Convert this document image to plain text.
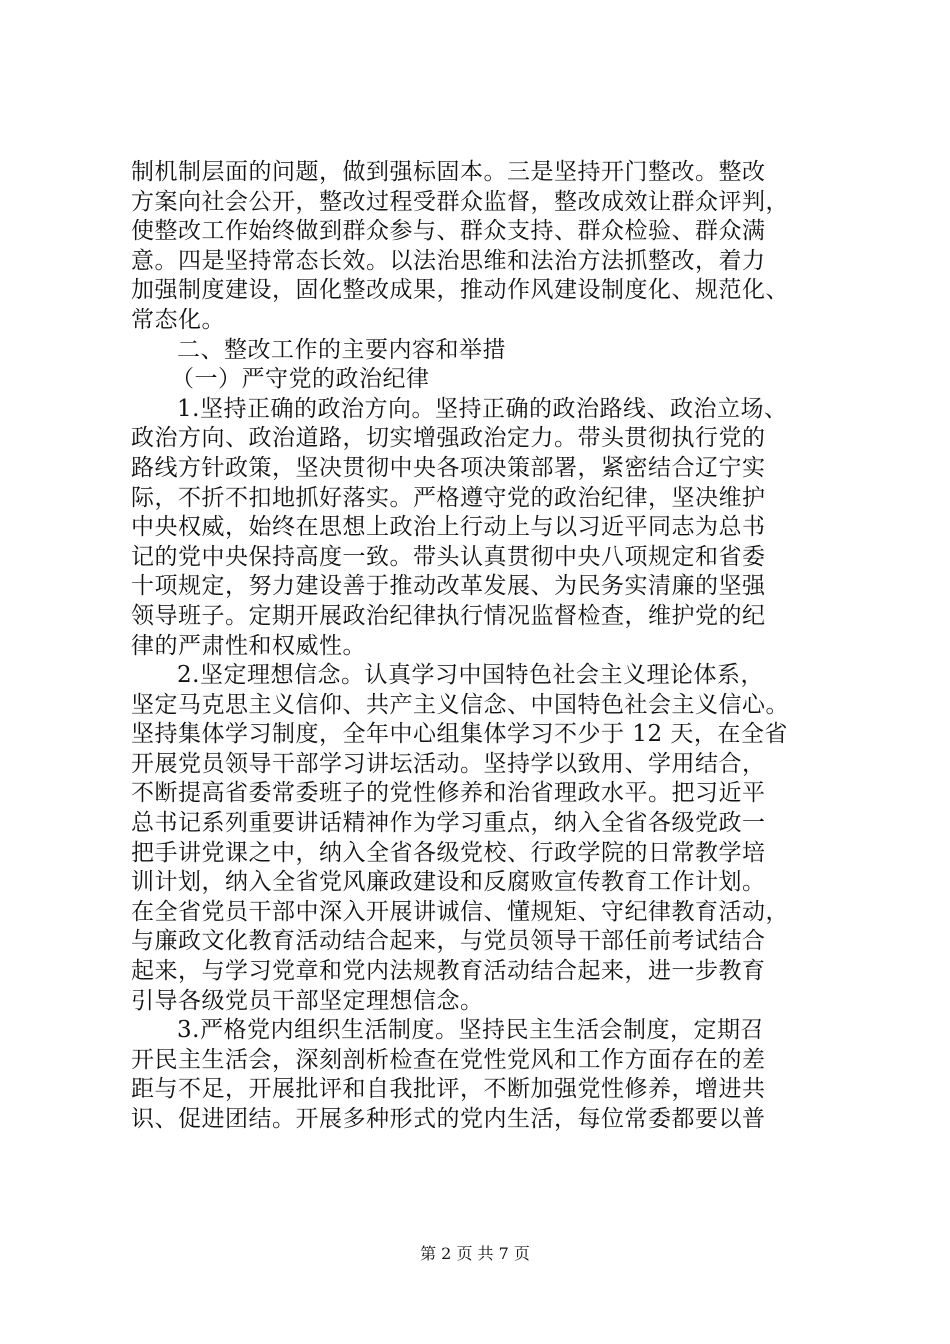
制机制层面的问题，做到强标固本。三是坚持开门整改。整改
方案向社会公开，整改过程受群众监督，整改成效让群众评判，
使整改工作始终做到群众参与、群众支持、群众检验、群众满
意。四是坚持常态长效。以法治思维和法治方法抓整改，着力
加强制度建设，固化整改成果，推动作风建设制度化、规范化、
常态化。
二、整改工作的主要内容和举措
（一）严守党的政治纪律
1.坚持正确的政治方向。坚持正确的政治路线、政治立场、
政治方向、政治道路，切实增强政治定力。带头贯彻执行党的
路线方针政策，坚决贯彻中央各项决策部署，紧密结合辽宁实
际，不折不扣地抓好落实。严格遵守党的政治纪律，坚决维护
中央权威，始终在思想上政治上行动上与以习近平同志为总书
记的党中央保持高度一致。带头认真贯彻中央八项规定和省委
十项规定，努力建设善于推动改革发展、为民务实清廉的坚强
领导班子。定期开展政治纪律执行情况监督检查，维护党的纪
律的严肃性和权威性。
2.坚定理想信念。认真学习中国特色社会主义理论体系，
坚定马克思主义信仰、共产主义信念、中国特色社会主义信心。
坚持集体学习制度，全年中心组集体学习不少于 12 天，在全省
开展党员领导干部学习讲坛活动。坚持学以致用、学用结合，
不断提高省委常委班子的党性修养和治省理政水平。把习近平
总书记系列重要讲话精神作为学习重点，纳入全省各级党政一
把手讲党课之中，纳入全省各级党校、行政学院的日常教学培
训计划，纳入全省党风廉政建设和反腐败宣传教育工作计划。
在全省党员干部中深入开展讲诚信、懂规矩、守纪律教育活动，
与廉政文化教育活动结合起来，与党员领导干部任前考试结合
起来，与学习党章和党内法规教育活动结合起来，进一步教育
引导各级党员干部坚定理想信念。
3.严格党内组织生活制度。坚持民主生活会制度，定期召
开民主生活会，深刻剖析检查在党性党风和工作方面存在的差
距与不足，开展批评和自我批评，不断加强党性修养，增进共
识、促进团结。开展多种形式的党内生活，每位常委都要以普
第 2 页 共 7 页
